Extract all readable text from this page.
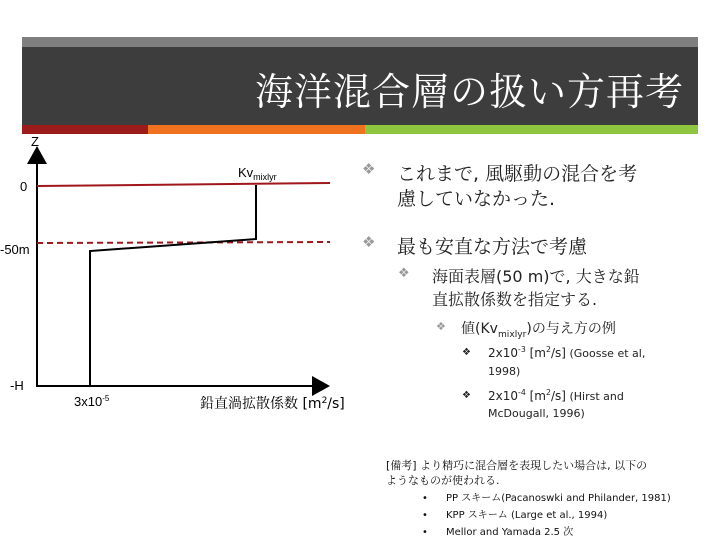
海洋混合層の扱い方再考
Z
0
-50m
-H
$Kv_{mixlyr}$
$3x10^{-5}$	鉛直渦拡散係数 $[m^2/s]$
❖ これまで, 風駆動の混合を考
慮していなかった.
❖ 最も安直な方法で考慮
❖ 海面表層(50 m)で, 大きな鉛
直拡散係数を指定する.
❖ 値$(Kv_{mixlyr})$の与え方の例
❖ $2x10^{-3}$ $[m^2/s]$ (Goosse et al,
1998)
❖ $2x10^{-4}$ $[m^2/s]$ (Hirst and
McDougall, 1996)
[備考] より精巧に混合層を表現したい場合は, 以下の
ようなものが使われる.
• PP スキーム(Pacanoswki and Philander, 1981)
• KPP スキーム (Large et al., 1994)
• Mellor and Yamada 2.5 次
